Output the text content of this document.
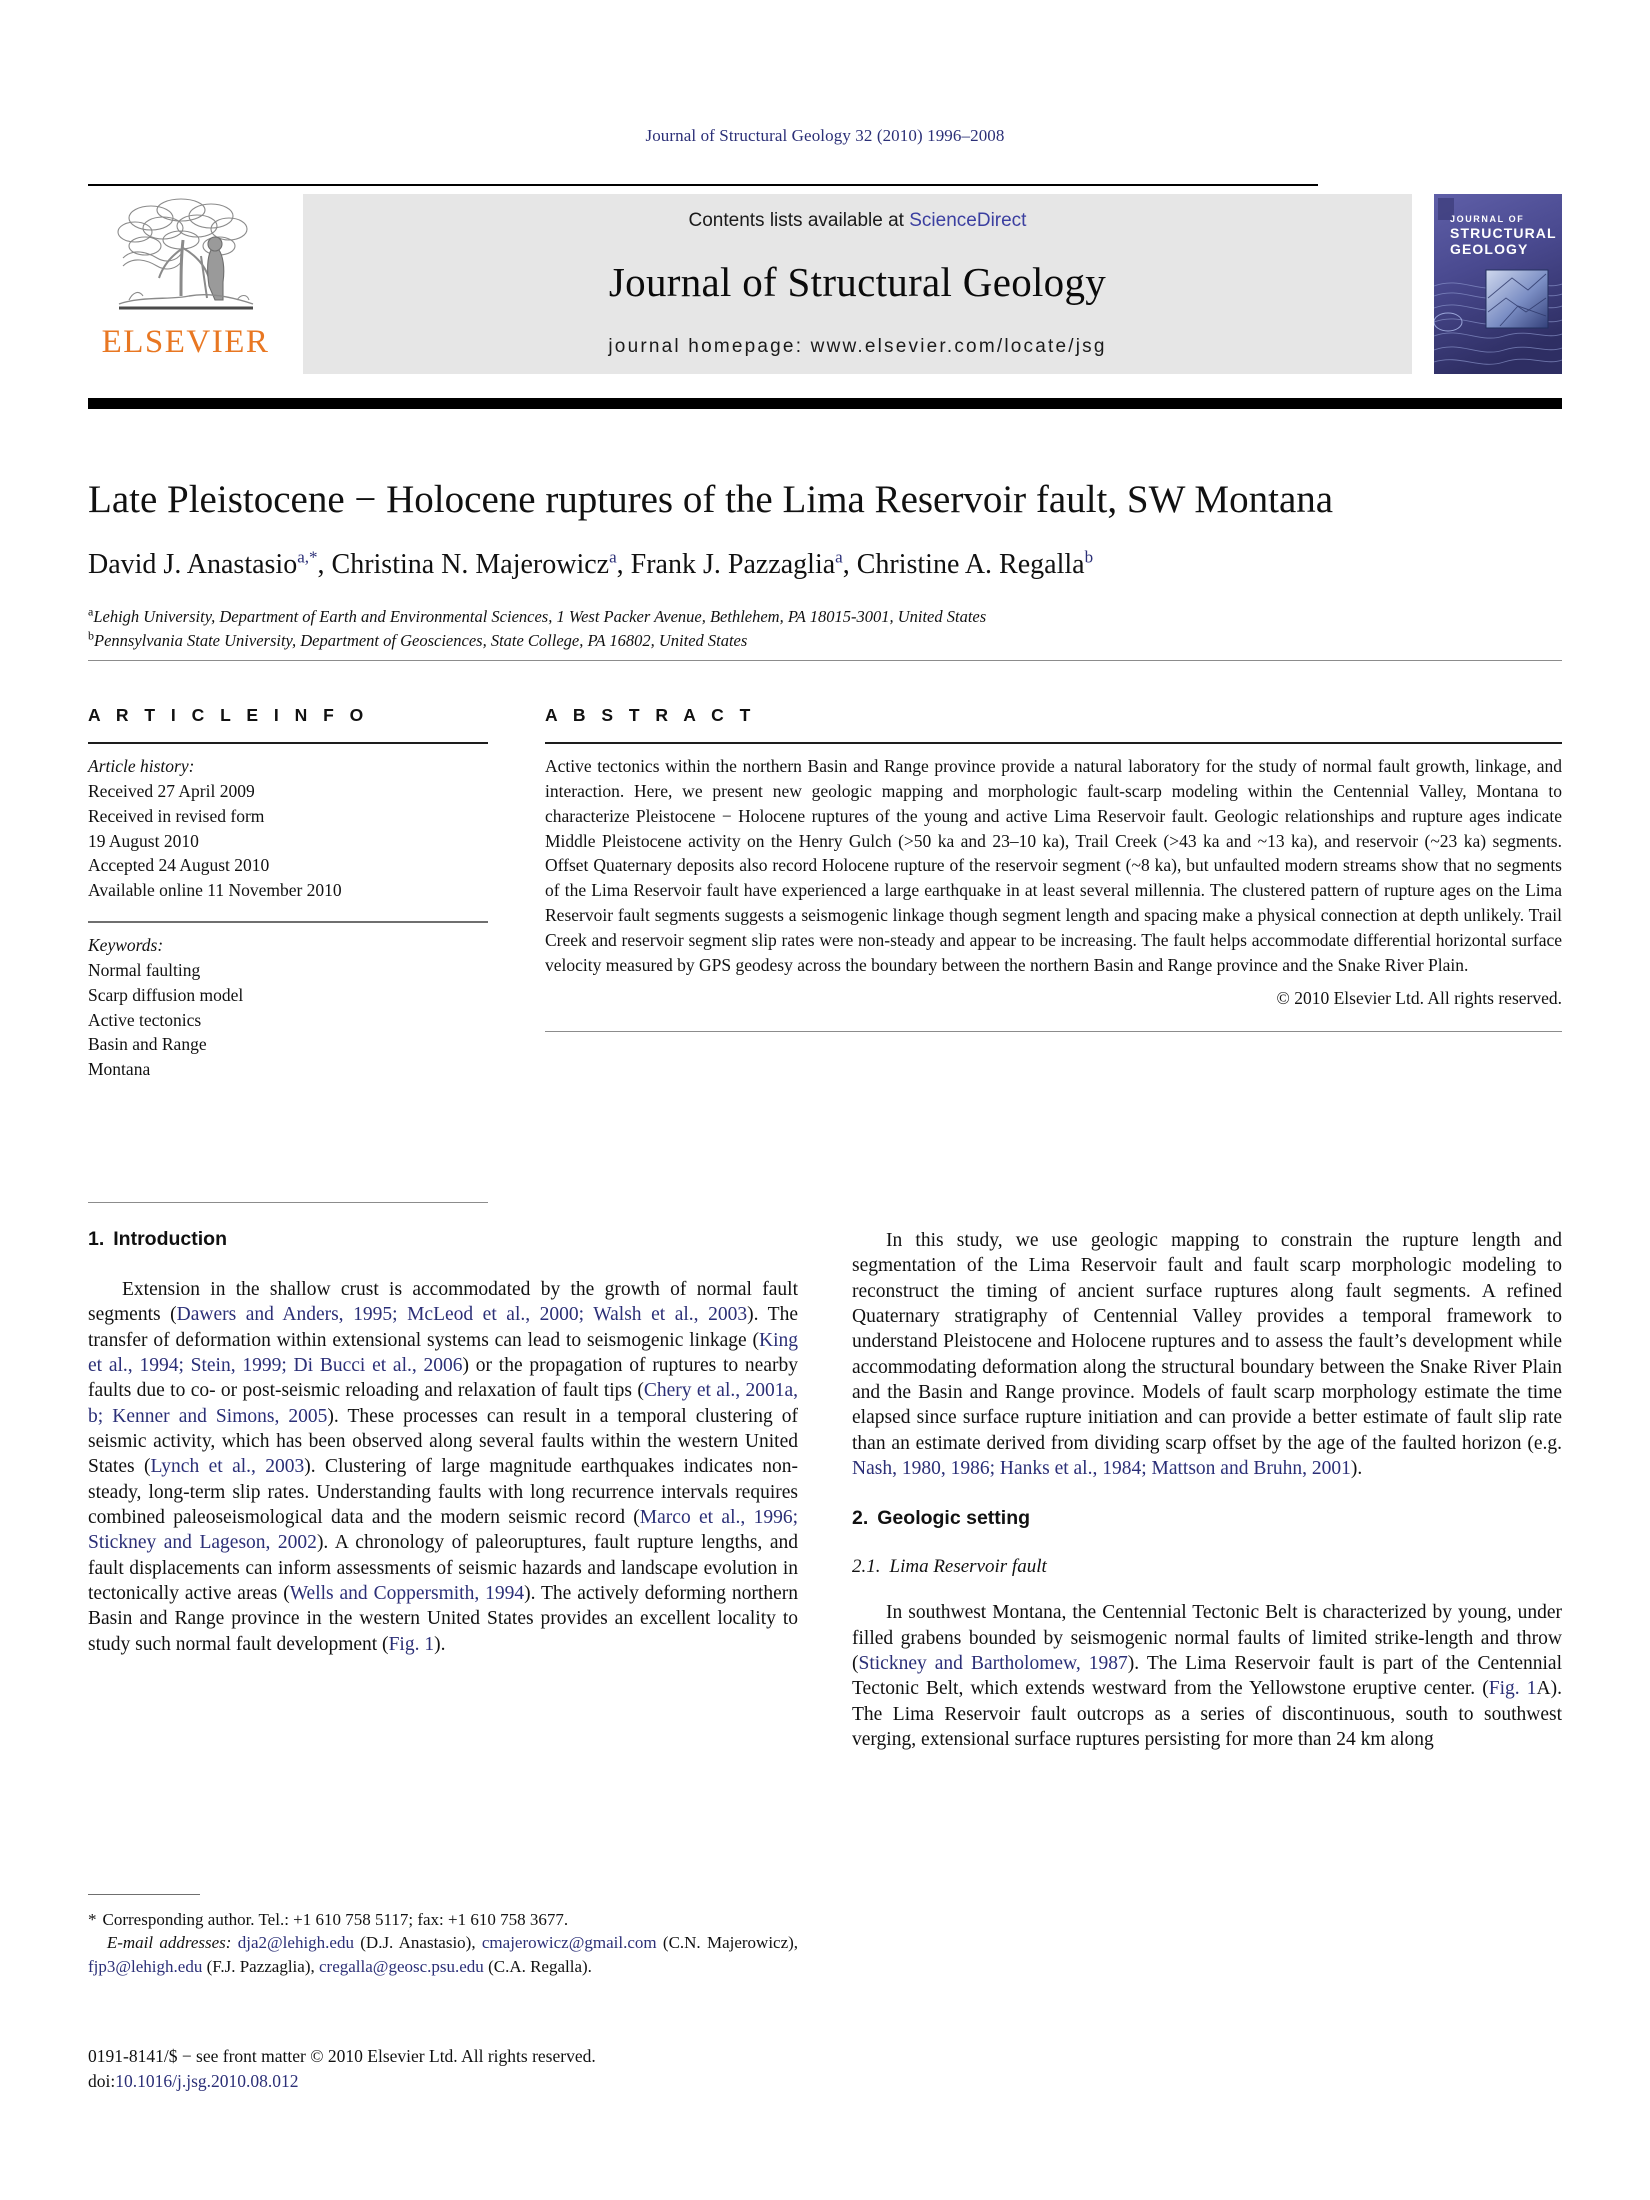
Journal of Structural Geology 32 (2010) 1996–2008
ELSEVIER
Contents lists available at ScienceDirect
Journal of Structural Geology
journal homepage: www.elsevier.com/locate/jsg
JOURNAL OF
STRUCTURAL
GEOLOGY
Late Pleistocene − Holocene ruptures of the Lima Reservoir fault, SW Montana
David J. Anastasio$^{a,*}$, Christina N. Majerowicz$^a$, Frank J. Pazzaglia$^a$, Christine A. Regalla$^b$
$^a$Lehigh University, Department of Earth and Environmental Sciences, 1 West Packer Avenue, Bethlehem, PA 18015-3001, United States
$^b$Pennsylvania State University, Department of Geosciences, State College, PA 16802, United States
A R T I C L E I N F O
Article history:
Received 27 April 2009
Received in revised form
19 August 2010
Accepted 24 August 2010
Available online 11 November 2010
Keywords:
Normal faulting
Scarp diffusion model
Active tectonics
Basin and Range
Montana
A B S T R A C T
Active tectonics within the northern Basin and Range province provide a natural laboratory for the study of normal fault growth, linkage, and interaction. Here, we present new geologic mapping and morphologic fault-scarp modeling within the Centennial Valley, Montana to characterize Pleistocene − Holocene ruptures of the young and active Lima Reservoir fault. Geologic relationships and rupture ages indicate Middle Pleistocene activity on the Henry Gulch (>50 ka and 23–10 ka), Trail Creek (>43 ka and ~13 ka), and reservoir (~23 ka) segments. Offset Quaternary deposits also record Holocene rupture of the reservoir segment (~8 ka), but unfaulted modern streams show that no segments of the Lima Reservoir fault have experienced a large earthquake in at least several millennia. The clustered pattern of rupture ages on the Lima Reservoir fault segments suggests a seismogenic linkage though segment length and spacing make a physical connection at depth unlikely. Trail Creek and reservoir segment slip rates were non-steady and appear to be increasing. The fault helps accommodate differential horizontal surface velocity measured by GPS geodesy across the boundary between the northern Basin and Range province and the Snake River Plain.
© 2010 Elsevier Ltd. All rights reserved.
1. Introduction

Extension in the shallow crust is accommodated by the growth of normal fault segments (Dawers and Anders, 1995; McLeod et al., 2000; Walsh et al., 2003). The transfer of deformation within extensional systems can lead to seismogenic linkage (King et al., 1994; Stein, 1999; Di Bucci et al., 2006) or the propagation of ruptures to nearby faults due to co- or post-seismic reloading and relaxation of fault tips (Chery et al., 2001a, b; Kenner and Simons, 2005). These processes can result in a temporal clustering of seismic activity, which has been observed along several faults within the western United States (Lynch et al., 2003). Clustering of large magnitude earthquakes indicates non-steady, long-term slip rates. Understanding faults with long recurrence intervals requires combined paleoseismological data and the modern seismic record (Marco et al., 1996; Stickney and Lageson, 2002). A chronology of paleoruptures, fault rupture lengths, and fault displacements can inform assessments of seismic hazards and landscape evolution in tectonically active areas (Wells and Coppersmith, 1994). The actively deforming northern Basin and Range province in the western United States provides an excellent locality to study such normal fault development (Fig. 1).

In this study, we use geologic mapping to constrain the rupture length and segmentation of the Lima Reservoir fault and fault scarp morphologic modeling to reconstruct the timing of ancient surface ruptures along fault segments. A refined Quaternary stratigraphy of Centennial Valley provides a temporal framework to understand Pleistocene and Holocene ruptures and to assess the fault’s development while accommodating deformation along the structural boundary between the Snake River Plain and the Basin and Range province. Models of fault scarp morphology estimate the time elapsed since surface rupture initiation and can provide a better estimate of fault slip rate than an estimate derived from dividing scarp offset by the age of the faulted horizon (e.g. Nash, 1980, 1986; Hanks et al., 1984; Mattson and Bruhn, 2001).

2. Geologic setting
2.1. Lima Reservoir fault

In southwest Montana, the Centennial Tectonic Belt is characterized by young, under filled grabens bounded by seismogenic normal faults of limited strike-length and throw (Stickney and Bartholomew, 1987). The Lima Reservoir fault is part of the Centennial Tectonic Belt, which extends westward from the Yellowstone eruptive center. (Fig. 1A). The Lima Reservoir fault outcrops as a series of discontinuous, south to southwest verging, extensional surface ruptures persisting for more than 24 km along

* Corresponding author. Tel.: +1 610 758 5117; fax: +1 610 758 3677.

E-mail addresses: dja2@lehigh.edu (D.J. Anastasio), cmajerowicz@gmail.com (C.N. Majerowicz), fjp3@lehigh.edu (F.J. Pazzaglia), cregalla@geosc.psu.edu (C.A. Regalla).

0191-8141/$ − see front matter © 2010 Elsevier Ltd. All rights reserved.
doi:10.1016/j.jsg.2010.08.012
